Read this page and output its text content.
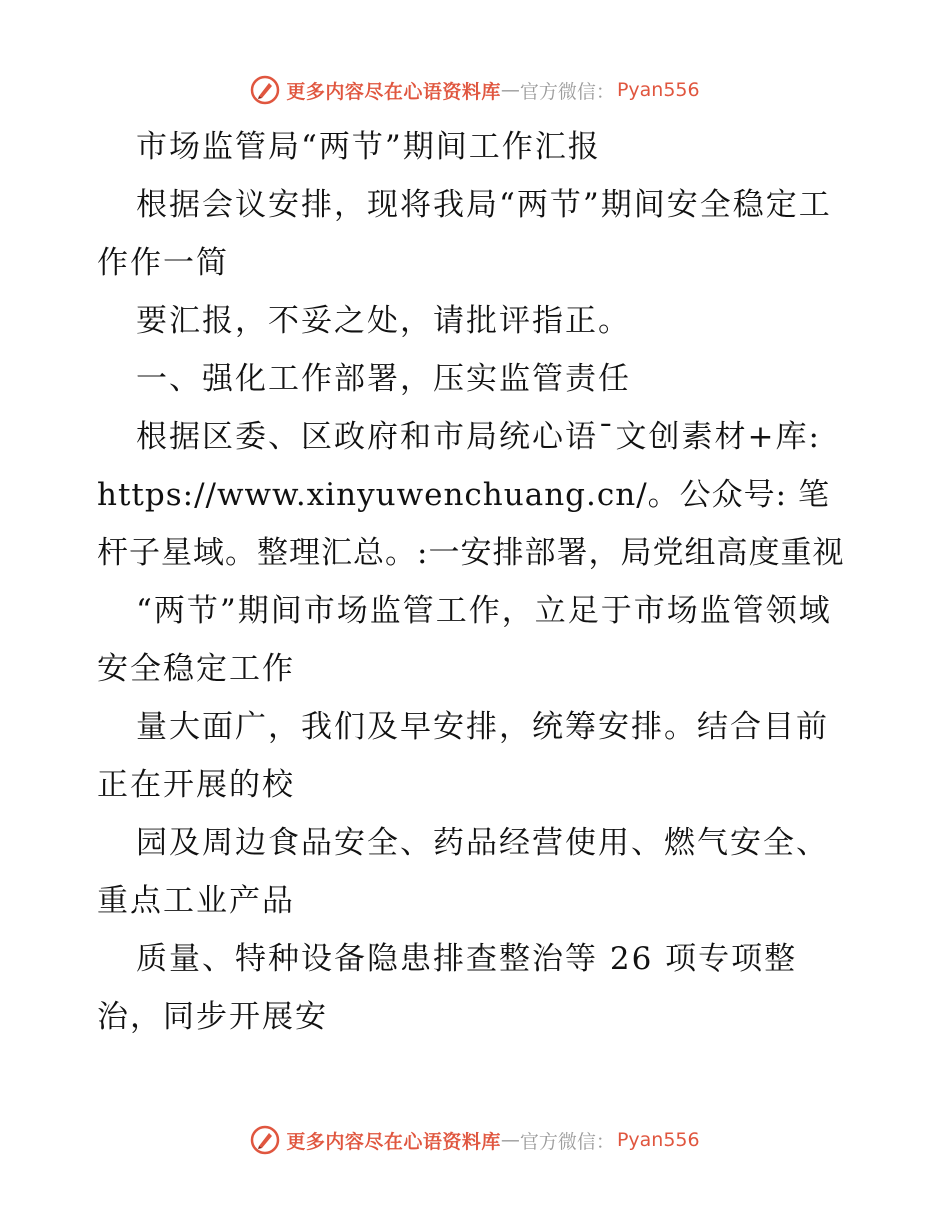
更多内容尽在心语资料库 — 官方微信： Pyan556

市场监管局“两节”期间工作汇报

根据会议安排，现将我局“两节”期间安全稳定工作作一简

要汇报，不妥之处，请批评指正。

一、强化工作部署，压实监管责任

根据区委、区政府和市局统心语¯文创素材+库:

https://www.xinyuwenchuang.cn/。公众号: 笔杆子星域。整理汇总。:一安排部署，局党组高度重视

“两节”期间市场监管工作，立足于市场监管领域安全稳定工作

量大面广，我们及早安排，统筹安排。结合目前正在开展的校

园及周边食品安全、药品经营使用、燃气安全、重点工业产品

质量、特种设备隐患排查整治等 26 项专项整治，同步开展安

更多内容尽在心语资料库 — 官方微信： Pyan556
